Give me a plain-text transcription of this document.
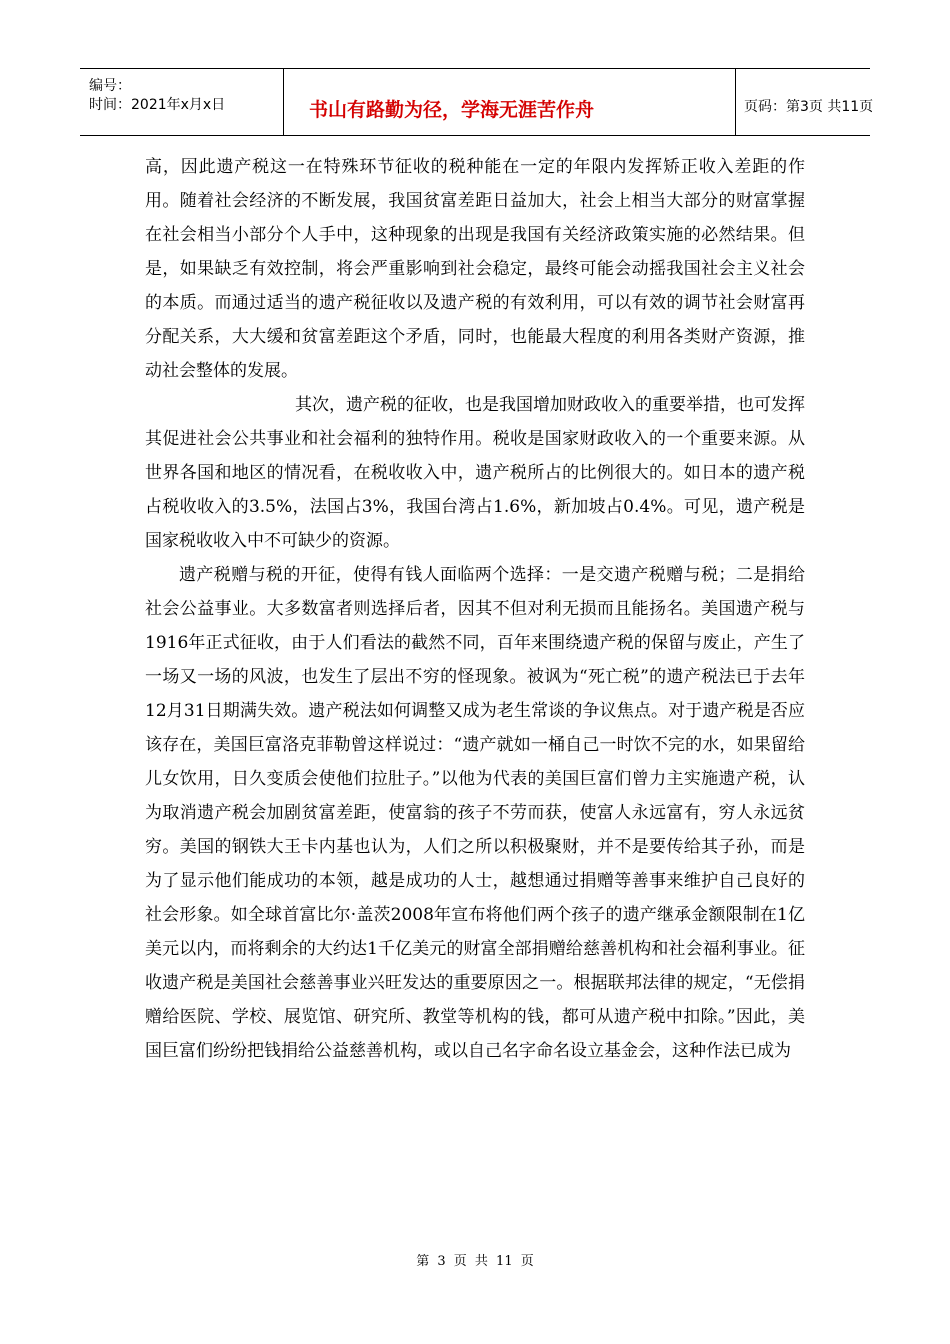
编号：
时间：2021年x月x日	书山有路勤为径，学海无涯苦作舟	页码：第3页 共11页

高，因此遗产税这一在特殊环节征收的税种能在一定的年限内发挥矫正收入差距的作用。随着社会经济的不断发展，我国贫富差距日益加大，社会上相当大部分的财富掌握在社会相当小部分个人手中，这种现象的出现是我国有关经济政策实施的必然结果。但是，如果缺乏有效控制，将会严重影响到社会稳定，最终可能会动摇我国社会主义社会的本质。而通过适当的遗产税征收以及遗产税的有效利用，可以有效的调节社会财富再分配关系，大大缓和贫富差距这个矛盾，同时，也能最大程度的利用各类财产资源，推动社会整体的发展。

其次，遗产税的征收，也是我国增加财政收入的重要举措，也可发挥其促进社会公共事业和社会福利的独特作用。税收是国家财政收入的一个重要来源。从世界各国和地区的情况看，在税收收入中，遗产税所占的比例很大的。如日本的遗产税占税收收入的3.5%，法国占3%，我国台湾占1.6%，新加坡占0.4%。可见，遗产税是国家税收收入中不可缺少的资源。

遗产税赠与税的开征，使得有钱人面临两个选择：一是交遗产税赠与税；二是捐给社会公益事业。大多数富者则选择后者，因其不但对利无损而且能扬名。美国遗产税与1916年正式征收，由于人们看法的截然不同，百年来围绕遗产税的保留与废止，产生了一场又一场的风波，也发生了层出不穷的怪现象。被讽为“死亡税”的遗产税法已于去年12月31日期满失效。遗产税法如何调整又成为老生常谈的争议焦点。对于遗产税是否应该存在，美国巨富洛克菲勒曾这样说过：“遗产就如一桶自己一时饮不完的水，如果留给儿女饮用，日久变质会使他们拉肚子。”以他为代表的美国巨富们曾力主实施遗产税，认为取消遗产税会加剧贫富差距，使富翁的孩子不劳而获，使富人永远富有，穷人永远贫穷。美国的钢铁大王卡内基也认为，人们之所以积极聚财，并不是要传给其子孙，而是为了显示他们能成功的本领，越是成功的人士，越想通过捐赠等善事来维护自己良好的社会形象。如全球首富比尔·盖茨2008年宣布将他们两个孩子的遗产继承金额限制在1亿美元以内，而将剩余的大约达1千亿美元的财富全部捐赠给慈善机构和社会福利事业。征收遗产税是美国社会慈善事业兴旺发达的重要原因之一。根据联邦法律的规定，“无偿捐赠给医院、学校、展览馆、研究所、教堂等机构的钱，都可从遗产税中扣除。”因此，美国巨富们纷纷把钱捐给公益慈善机构，或以自己名字命名设立基金会，这种作法已成为

第 3 页 共 11 页
